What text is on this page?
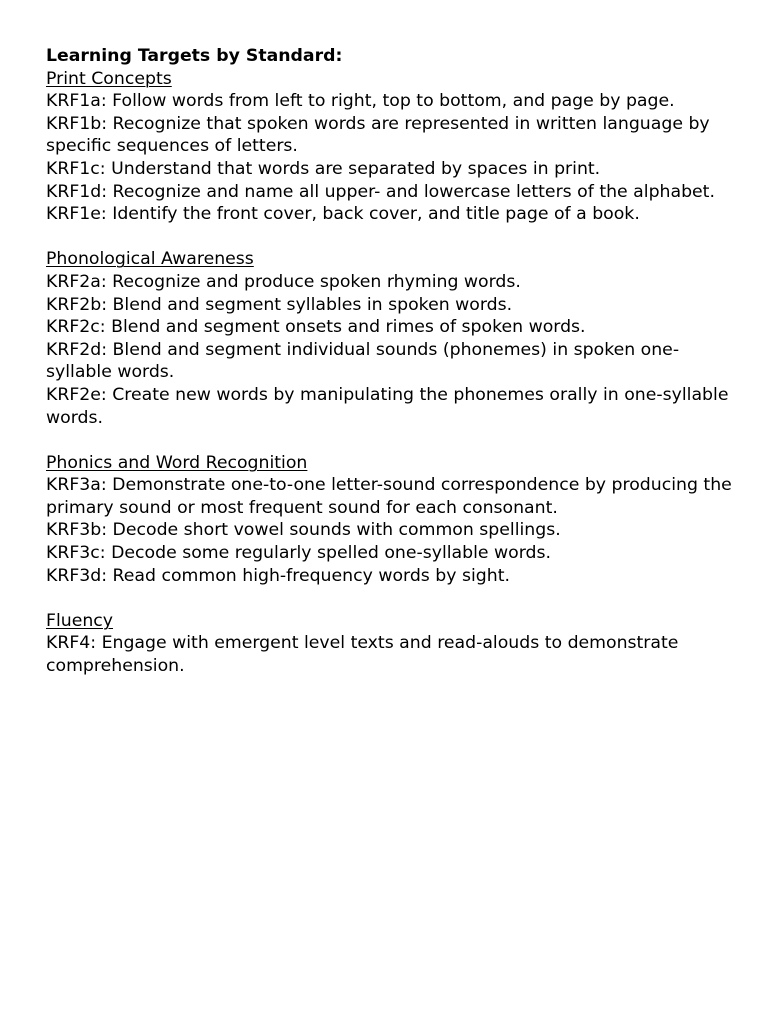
Learning Targets by Standard:

Print Concepts

KRF1a: Follow words from left to right, top to bottom, and page by page.

KRF1b: Recognize that spoken words are represented in written language by specific sequences of letters.

KRF1c: Understand that words are separated by spaces in print.

KRF1d: Recognize and name all upper- and lowercase letters of the alphabet.

KRF1e: Identify the front cover, back cover, and title page of a book.

Phonological Awareness

KRF2a: Recognize and produce spoken rhyming words.

KRF2b: Blend and segment syllables in spoken words.

KRF2c: Blend and segment onsets and rimes of spoken words.

KRF2d: Blend and segment individual sounds (phonemes) in spoken one-syllable words.

KRF2e: Create new words by manipulating the phonemes orally in one-syllable words.

Phonics and Word Recognition

KRF3a: Demonstrate one-to-one letter-sound correspondence by producing the primary sound or most frequent sound for each consonant.

KRF3b: Decode short vowel sounds with common spellings.

KRF3c: Decode some regularly spelled one-syllable words.

KRF3d: Read common high-frequency words by sight.

Fluency

KRF4: Engage with emergent level texts and read-alouds to demonstrate comprehension.
